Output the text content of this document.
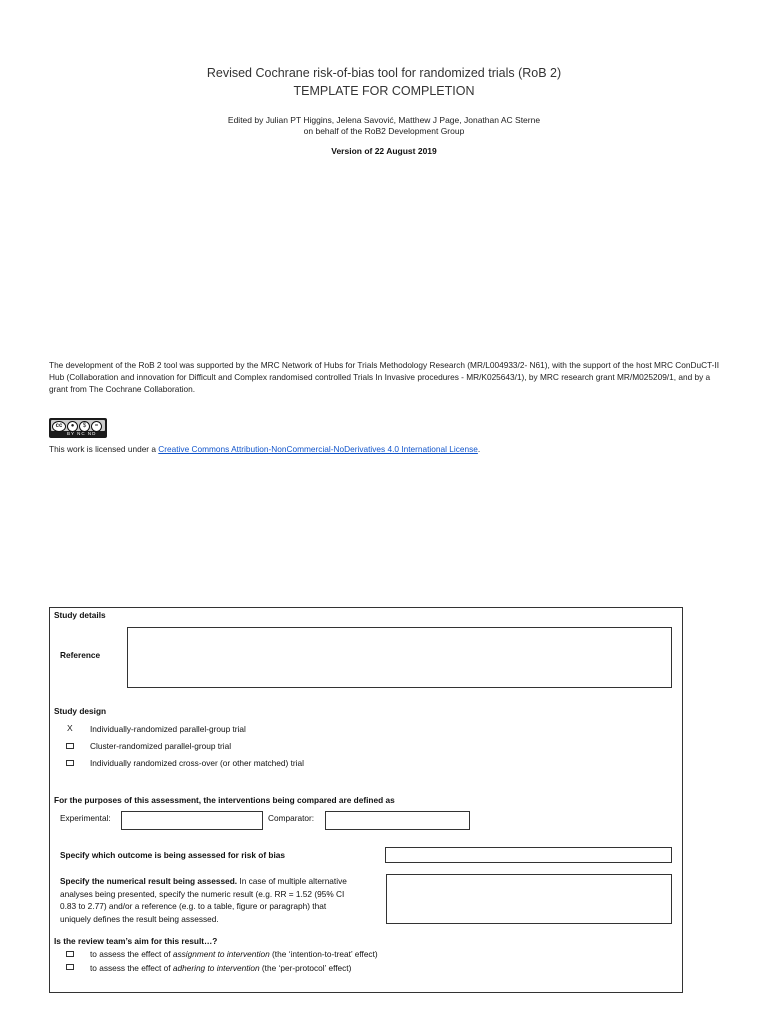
Revised Cochrane risk-of-bias tool for randomized trials (RoB 2)
TEMPLATE FOR COMPLETION
Edited by Julian PT Higgins, Jelena Savović, Matthew J Page, Jonathan AC Sterne
on behalf of the RoB2 Development Group
Version of 22 August 2019
The development of the RoB 2 tool was supported by the MRC Network of Hubs for Trials Methodology Research (MR/L004933/2- N61), with the support of the host MRC ConDuCT-II Hub (Collaboration and innovation for Difficult and Complex randomised controlled Trials In Invasive procedures - MR/K025643/1), by MRC research grant MR/M025209/1, and by a grant from The Cochrane Collaboration.
cc	●	$	=
BY NC ND
This work is licensed under a Creative Commons Attribution-NonCommercial-NoDerivatives 4.0 International License.
Study details
Reference
Study design
X Individually-randomized parallel-group trial
Cluster-randomized parallel-group trial
Individually randomized cross-over (or other matched) trial
For the purposes of this assessment, the interventions being compared are defined as
Experimental:	Comparator:
Specify which outcome is being assessed for risk of bias
Specify the numerical result being assessed. In case of multiple alternative
analyses being presented, specify the numeric result (e.g. RR = 1.52 (95% CI
0.83 to 2.77) and/or a reference (e.g. to a table, figure or paragraph) that
uniquely defines the result being assessed.
Is the review team’s aim for this result…?
to assess the effect of assignment to intervention (the ‘intention-to-treat’ effect)
to assess the effect of adhering to intervention (the ‘per-protocol’ effect)
